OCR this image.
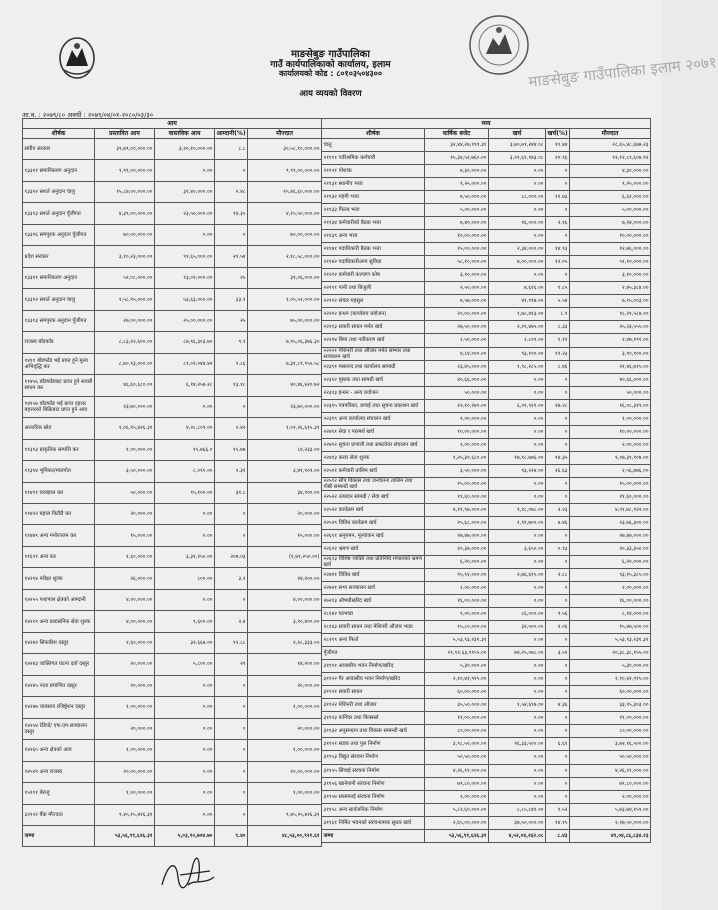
माङसेबुङ गाउँपालिका इलाम २०७१
माङसेबुङ गाउँपालिका
गाउँ कार्यपालिकाको कार्यालय, इलाम
कार्यालयको कोड : ८०१०३५०४३००
आय व्ययको विवरण
आ.व. : २०७९/८० अवधी : २०७९/०४/०१-२०८०/०३/३०
आय				
शीर्षक	प्रस्तावित आय	वास्तविक आय	आम्दानी(%)	मौज्दात
संघीय सरकार	३९,७९,००,०००.००	३,२०,१०,०००.००	८.८	३०,५८,१०,०००.००
१३३११ समानिकरण अनुदान	९,९९,००,०००.००	०.००	०	९,९९,००,०००.००
१३३१२ सशर्त अनुदान चालु	१५,८७,००,०००.००	३१,४०,०००.००	२.४८	१५,४६,६०,०००.००
१३३१३ सशर्त अनुदान पुँजीगत	४,३९,००,०००.००	२३,५०,०००.००	१४.३५	४,१५,५०,०००.००
१३३१६ समपुरक अनुदान पुँजीगत	७०,००,०००.००	०.००	०	७०,००,०००.००
प्रदेश सरकार	३,१०,२३,०००.००	९१,६५,०००.००	२९.५४	२,१८,५८,०००.००
१३३११ समानिकरण अनुदान	५२,०८,०००.००	१३,०२,०००.००	२५	३९,०६,०००.००
१३३१२ सशर्त अनुदान चालु	१,५८,९५,०००.००	५३,६३,०००.००	३३.९	१,०५,५२,०००.००
१३३१३ समपुरक अनुदान पुँजीगत	२७,००,०००.००	२५,००,०००.००	२५	७५,००,०००.००
राजस्व बाँडफाँड	८,८३,२२,६००.००	८७,९६,३०३.७०	९.९	७,९५,०६,३७६.३०
१४११ बाँडफाँड भई प्राप्त हुने मुल्य अभिवृद्धि कर	८,७०,९३,०००.००	८९,०२,०४४.४२	९.८६	७,३१,८९,९५५.५८
११४५६ बाँडफाँडबाट प्राप्त हुने सवारी साधन कर	४६,६०,६८०.००	६,१४,२५७.२८	१३.१८	४०,४६,४२०.७२
१४१५७ बाँडफाँड भई प्राप्त दहत्तर बहत्तरको बिक्रिबाट प्राप्त हुने आय	२३,७०,०००.००	०.००	०	२३,७०,०००.००
आन्तरिक स्रोत	१,०६,९५,४२६.३१	४,२८,८०९.००	०.४२	१,०२,२६,६१५.३१
११३१३ प्राकृतिक सम्पत्ति कर	१,००,०००.००	१५,७६६.०	१५.७७	८४,२३३.००
११३१४ भूमिकर/मालपोत	३,५०,०००.००	८,०९१.००	२.३१	३,४१,९०९.००
११४११ घरबहाल कर	५०,०००.००	१५,१००.००	३१.८	३४,९००.००
११४२२ बहाल विटौरी कर	२०,०००.००	०.००	०	२०,०००.००
११४७९ अन्य मनोरञ्जन कर	१५,०००.००	०.००	०	१५,०००.००
११६९१ अन्य कर	१,६०,०००.००	३,३१,२५०.००	२०७.०३	(१,७१,२५०.००)
१४२१४ परीक्षा शुल्क	२६,०००.००	८००.००	३.२	२४,२००.००
१४२५५ पशापाल क्षेत्रको आम्दानी	४,००,०००.००	०.००	०	४,००,०००.००
१४२२९ अन्य प्रशासनिक सेवा शुल्क	४,००,०००.००	९,६००.००	२.४	३,९०,४००.००
१४२४२ सिफारिश दस्तुर	२,६०,०००.००	३२,६६७.००	१२.८८	२,२८,३३३.००
१४२४३ व्यक्तिगत घटना दर्ता दस्तुर	२०,०००.००	५,८००.००	२९	१४,२००.००
१४२४५ नाता प्रमाणित दस्तुर	२०,०००.००	०.००	०	२०,०००.००
१४२४७ व्यवसाय रजिष्ट्रेशन दस्तुर	१,००,०००.००	०.००	०	१,००,०००.००
१४२५४ रेडियो/ एफ.एम.सञ्चालन दस्तुर	२०,०००.००	०.००	०	२०,०००.००
१४२६५ अन्य क्षेत्रको आय	१,००,०००.००	०.००	०	१,००,०००.००
१४५२९ अन्य राजस्व	२०,००,०००.००	०.००	०	२०,००,०००.००
१५१११ बेरुजू	१,००,०००.००	०.००	०	१,००,०००.००
३२१२२ बैंक मौज्दात	९,४५,१५,४२६.३१	०.००	०	९,४५,१५,४२६.३१
जम्मा	५३,५६,९१,६२६.३१	५,०३,९०,७०४.७०	९.४०	४८,५३,००,९२१.६१
व्यय				
शीर्षक	वार्षिक बजेट	खर्च	खर्च(%)	मौज्दात
चालु	३२,४४,२७,९९९.३१	३,७०,७९,२४४.०८	११.४४	२८,६५,४८,६७७.२३
२११११ पारिश्रमिक कर्मचारी	१५,३४,५२,७६०.००	३,२१,६१,१७३.०८	२०.९६	१२,१२,८९,६०७.९२
२११२१ पोशाक	४,३०,०००.००	०.००	०	४,३०,०००.००
२११३१ स्थानीय भत्ता	९,२५,०००.००	०.००	०	९,२५,०००.००
२११३२ महंगी भत्ता	७,५०,०००.००	८८,०००.००	११.७३	६,६२,०००.००
२११३३ फिल्ड भत्ता	५,००,०००.००	०.००	०	५,००,०००.००
२११३४ कर्मचारीको बैठक भत्ता	७,४०,०००.००	१६,०००.००	२.१६	७,२४,०००.००
२११३९ अन्य भत्ता	१०,००,०००.००	०.००	०	१०,००,०००.००
२११४१ पदाधिकारी बैठक भत्ता	१५,००,०००.००	२,३४,०००.००	१४.९३	१२,७६,०००.००
२११४२ पदाधिकारीअन्य सुविधा	५८,१०,०००.००	७,००,०००.००	१२.०५	५१,१०,०००.००
२१२१२ कर्मचारी कल्याण कोष	३,१०,०००.००	०.००	०	३,१०,०००.००
२२१११ पानी तथा बिजुली	२,५०,०००.००	४,६१६.००	१.८५	२,४५,३८४.००
२२११२ संचार महसुल	७,५७,०००.००	४१,९९७.००	५.५४	७,१५,००३.००
२२२१२ इन्धन (कार्यालय प्रयोजन)	२०,००,०००.००	१,७८,४१३.००	८.९	१८,२१,५८७.००
२२२१३ सवारी साधन मर्मत खर्च	२७,५०,०००.००	२,२९,४४५.००	८.३३	२५,२३,५५५.००
२२२१४ बिमा तथा नवीकरण खर्च	२,५०,०००.००	२,८०९.००	१.१२	२,४७,१९१.००
२२२२१ मेशिनरी तथा औजार मर्मत सम्भार तथा सञ्चालन खर्च	४,८४,०००.००	९३,१००.००	१९.२३	३,९०,९००.००
२२३११ मसलन्द तथा कार्यालय सामाग्री	२३,४५,०००.००	१,९८,२८५.००	८.४६	२१,४६,७१५.००
२२३१२ पुस्तक तथा सामग्री खर्च	४०,६६,०००.००	०.००	०	४०,६६,०००.००
२२३१३ इन्धन - अन्य प्रयोजन	५०,०००.००	०.००	०	५०,०००.००
२२३१५ पत्रपत्रिका, छपाई तथा सूचना प्रकाशन खर्च	२२,१०,२४०.००	६,०१,९२१.००	२७.२८	१६,०८,३१९.००
२२३१९ अन्य कार्यालय संचालन खर्च	१,००,०००.००	०.००	०	१,००,०००.००
२२४११ सेवा र परामर्श खर्च	१०,००,०००.००	०.००	०	१०,००,०००.००
२२४१२ सूचना प्रणाली तथा सफ्टवेयर संचालन खर्च	२,००,०००.००	०.००	०	२,००,०००.००
२२४१३ करार सेवा शुल्क	१,२५,३०,६८०.००	१७,९८,७७६.००	१४.३५	१,०७,३१,९०४.००
२२५११ कर्मचारी तालिम खर्च	३,५०,०००.००	९३,२२४.००	२६.६३	२,५६,७७६.००
२२५१२ सीप विकास तथा जनचेतना तालिम तथा गोष्ठी सम्बन्धी खर्च	१५,००,०००.००	०.००	०	१५,००,०००.००
२२५२२ उत्पादन सामग्री / सेवा खर्च	११,६०,०००.००	०.००	०	११,६०,०००.००
२२५२२ कार्यक्रम खर्च	४,११,९७,०००.००	९,१८,०७८.००	२.२३	४,०१,७८,९२२.००
२२५२९ विविध कार्यक्रम खर्च	२५,६८,०००.००	१,९१,७००.००	७.४६	२३,७६,३००.००
२२६११ अनुगमन, मूल्यांकन खर्च	२७,४७,०००.००	०.००	०	२७,४७,०००.००
२२६१२ भ्रमण खर्च	२०,३७,०००.००	३,६५०.००	०.१३	२०,३३,३५०.००
२२६१३ विशिष्ट व्यक्ति तथा प्रतिनिधि मण्डलको भ्रमण खर्च	६,२०,०००.००	०.००	०	६,२०,०००.००
२२७११ विविध खर्च	९५,९२,०००.००	२,७६,६१५.००	२.८८	९३,१५,३८५.००
२२७२१ सभा सञ्चालन खर्च	२,००,०००.००	०.००	०	२,००,०००.००
२७२१३ औषधीखरिद खर्च	१६,००,०००.००	०.००	०	१६,००,०००.००
२८१४२ घरभाडा	९,००,०००.००	८६,०००.००	९.५६	८,१४,०००.००
२८१४३ सवारी साधन तथा मेशिनरी औजार भाडा	१५,८०,०००.००	३२,५००.००	२.०६	१५,४७,५००.००
२८२१९ अन्य फिर्ता	५,५३,९३,२३१.३१	०.००	०	५,५३,९३,२३१.३१
पूँजीगत	२१,१२,६३,९१५५.००	७४,२५,०७८.००	३.५१	२०,३८,३८,१५५.००
३११११ आवासीय भवन निर्माण/खरिद	५,३०,०००.००	०.००	०	५,३०,०००.००
३११२२ गैर आवासीय भवन निर्माण/खरिद	२,१०,४२,९१५.००	०.००	०	२,१०,४२,९१५.००
३११२१ सवारी साधन	६०,००,०००.००	०.००	०	६०,००,०००.००
३११२२ मेशिनरी तथा औजार	३५,५०,०००.००	१,५४,६९७.००	४.३६	३३,९५,३०३.००
३११२३ फर्निचर तथा फिक्सर्स	११,००,०००.००	०.००	०	११,००,०००.००
३११३२ अनुसन्धान तथा विकास सम्बन्धी खर्च	८०,००,०००.००	०.००	०	८०,००,०००.००
३११५१ सडक तथा पुल निर्माण	३,९८,५०,०००.००	२६,३३,५००.००	६.६१	३,७२,१६,५००.००
३११५३ विद्युत संरचना निर्माण	५०,५०,०००.००	०.००	०	५०,५०,०००.००
३११५५ सिंचाई संरचना निर्माण	४,२६,११,०००.००	०.००	०	४,२६,११,०००.००
३११५६ खानेपानी संरचना निर्माण	७९,८०,०००.००	०.००	०	७९,८०,०००.००
३११५७ सरसफाई संरचना निर्माण	२,००,०००.००	०.००	०	२,००,०००.००
३११५८ अन्य सार्वजनिक निर्माण	५,८२,६०,०००.००	८,८५,८४१.००	१.५२	५,७३,७४,१५९.००
३११६१ निर्मित भवनको संरचनात्मक सुधार खर्च	२,६५,००,०००.००	३७,५०,०००.००	१४.१५	२,२७,५०,०००.००
जम्मा	५३,५६,९१,६२६.३१	४,५२,०४,२६२.०८	८.४३	४९,०४,८६,८३४.२३
